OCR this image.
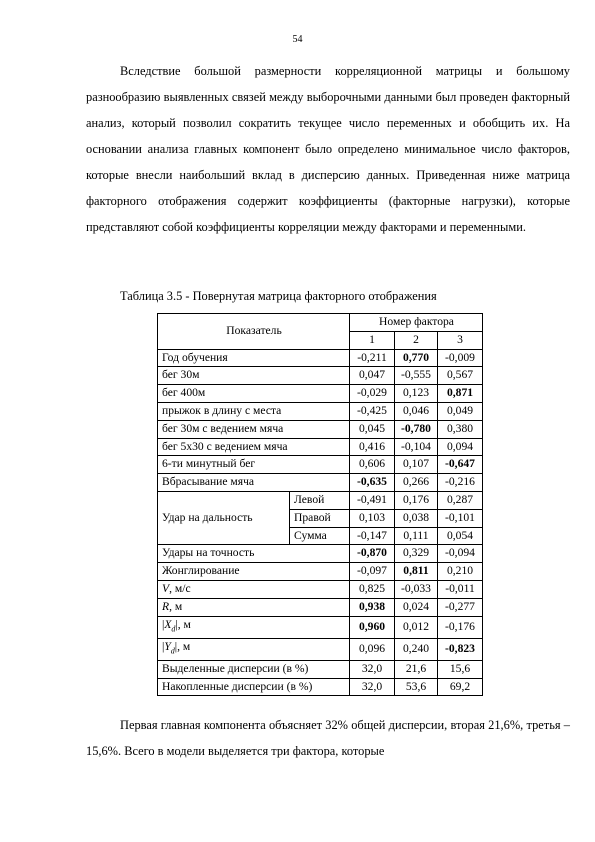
54

Вследствие большой размерности корреляционной матрицы и большому разнообразию выявленных связей между выборочными данными был проведен факторный анализ, который позволил сократить текущее число переменных и обобщить их. На основании анализа главных компонент было определено минимальное число факторов, которые внесли наибольший вклад в дисперсию данных. Приведенная ниже матрица факторного отображения содержит коэффициенты (факторные нагрузки), которые представляют собой коэффициенты корреляции между факторами и переменными.

Таблица 3.5 - Повернутая матрица факторного отображения
Показатель		Номер фактора		
		1	2	3
Год обучения		-0,211	0,770	-0,009
бег 30м		0,047	-0,555	0,567
бег 400м		-0,029	0,123	0,871
прыжок в длину с места		-0,425	0,046	0,049
бег 30м с ведением мяча		0,045	-0,780	0,380
бег 5х30 с ведением мяча		0,416	-0,104	0,094
6-ти минутный бег		0,606	0,107	-0,647
Вбрасывание мяча		-0,635	0,266	-0,216
Удар на дальность	Левой	-0,491	0,176	0,287
	Правой	0,103	0,038	-0,101
	Сумма	-0,147	0,111	0,054
Удары на точность		-0,870	0,329	-0,094
Жонглирование		-0,097	0,811	0,210
V, м/с		0,825	-0,033	-0,011
R, м		0,938	0,024	-0,277
$|X_d|$, м		0,960	0,012	-0,176
$|Y_d|$, м		0,096	0,240	-0,823
Выделенные дисперсии (в %)		32,0	21,6	15,6
Накопленные дисперсии (в %)		32,0	53,6	69,2

Первая главная компонента объясняет 32% общей дисперсии, вторая 21,6%, третья – 15,6%. Всего в модели выделяется три фактора, которые
